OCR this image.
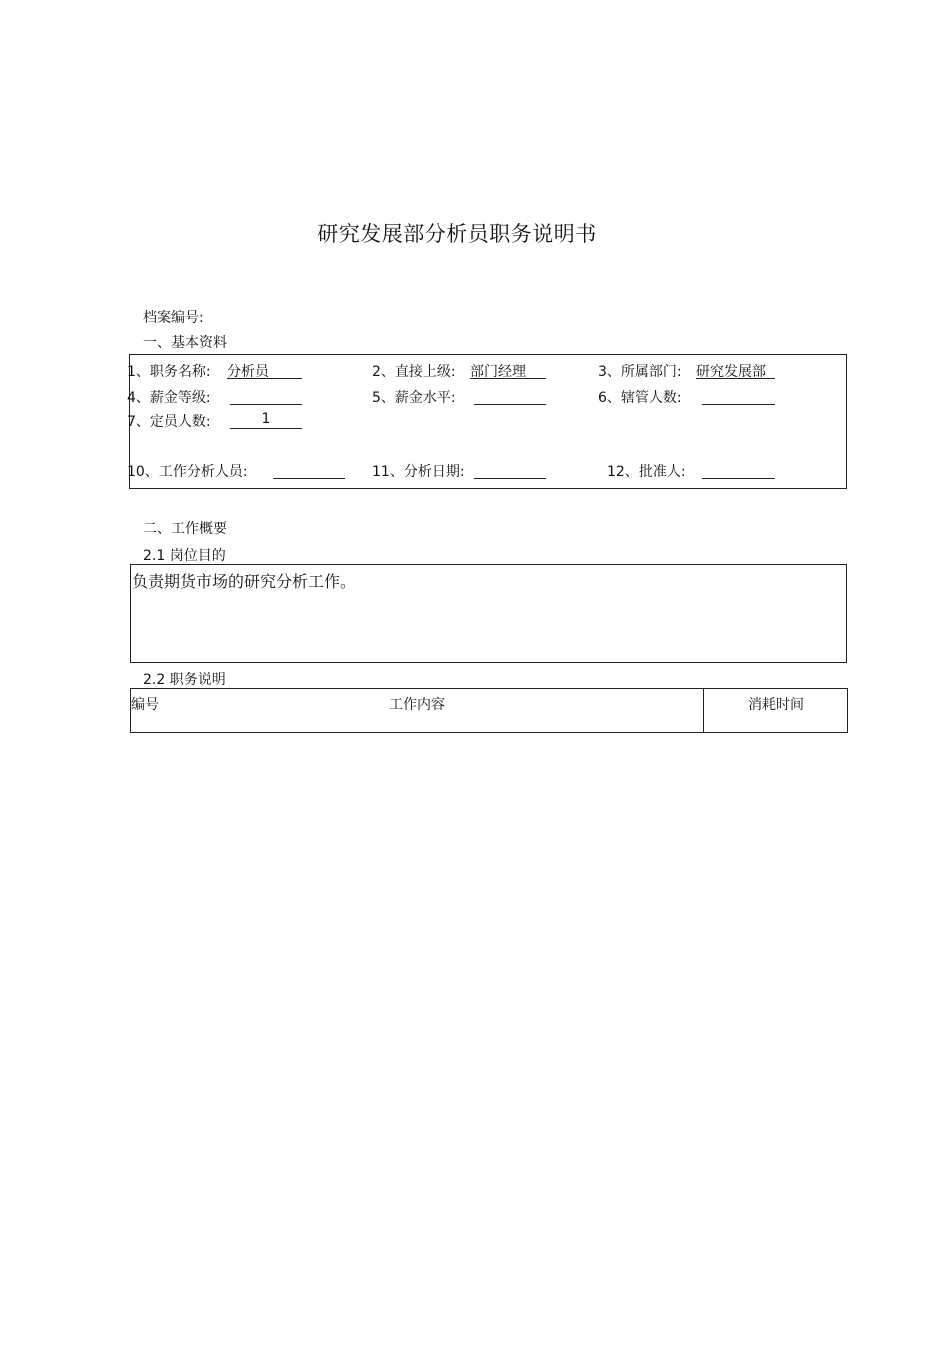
研究发展部分析员职务说明书
档案编号:
一、基本资料
1、职务名称: 分析员	2、直接上级: 部门经理	3、所属部门: 研究发展部
4、薪金等级:	5、薪金水平:	6、辖管人数:
7、定员人数:	1
10、工作分析人员:	11、分析日期:	12、批准人:
二、工作概要
2.1 岗位目的
负责期货市场的研究分析工作。
2.2 职务说明
编号	工作内容	消耗时间
